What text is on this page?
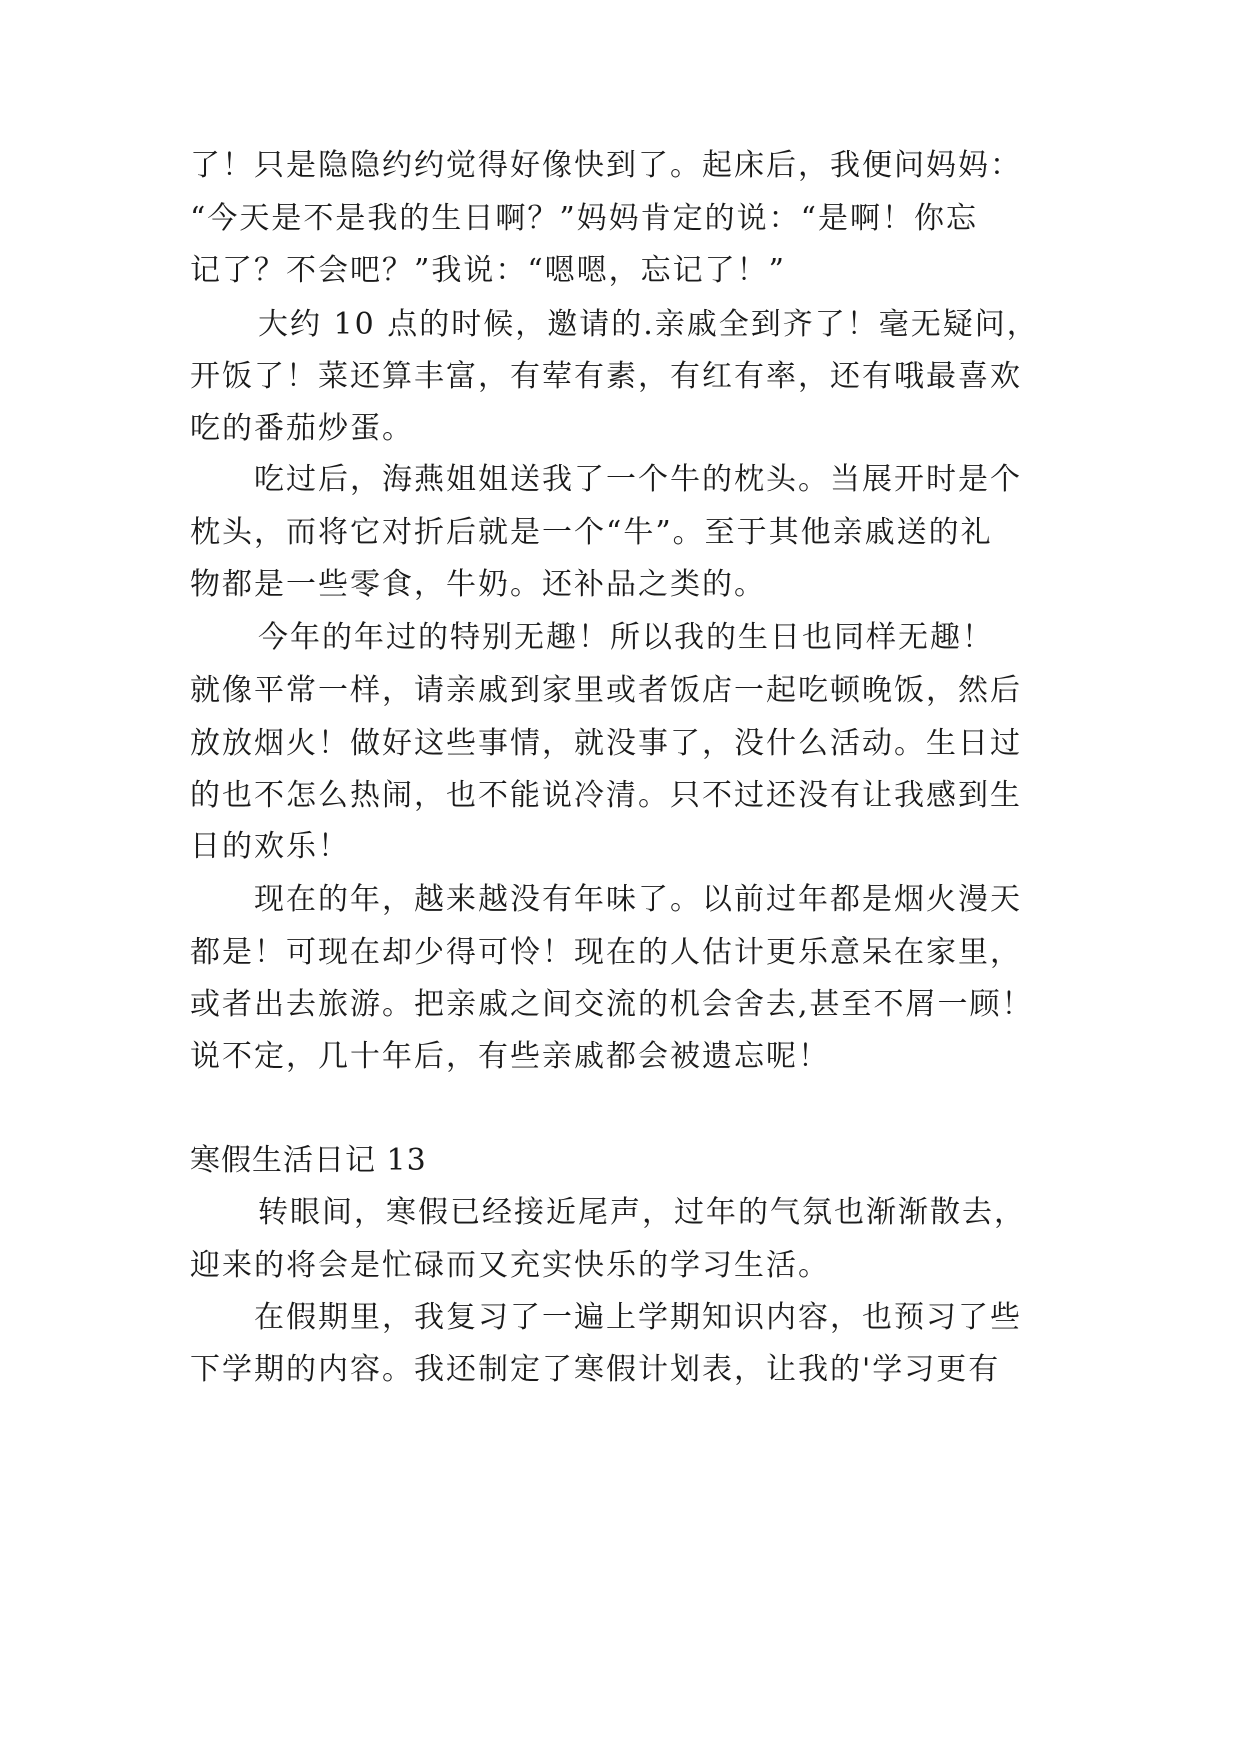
了！只是隐隐约约觉得好像快到了。起床后，我便问妈妈：
“今天是不是我的生日啊？”妈妈肯定的说：“是啊！你忘
记了？不会吧？”我说：“嗯嗯，忘记了！”
大约 10 点的时候，邀请的.亲戚全到齐了！毫无疑问，
开饭了！菜还算丰富，有荤有素，有红有率，还有哦最喜欢
吃的番茄炒蛋。
吃过后，海燕姐姐送我了一个牛的枕头。当展开时是个
枕头，而将它对折后就是一个“牛”。至于其他亲戚送的礼
物都是一些零食，牛奶。还补品之类的。
今年的年过的特别无趣！所以我的生日也同样无趣！
就像平常一样，请亲戚到家里或者饭店一起吃顿晚饭，然后
放放烟火！做好这些事情，就没事了，没什么活动。生日过
的也不怎么热闹，也不能说冷清。只不过还没有让我感到生
日的欢乐！
现在的年，越来越没有年味了。以前过年都是烟火漫天
都是！可现在却少得可怜！现在的人估计更乐意呆在家里，
或者出去旅游。把亲戚之间交流的机会舍去,甚至不屑一顾！
说不定，几十年后，有些亲戚都会被遗忘呢！
寒假生活日记 13
转眼间，寒假已经接近尾声，过年的气氛也渐渐散去，
迎来的将会是忙碌而又充实快乐的学习生活。
在假期里，我复习了一遍上学期知识内容，也预习了些
下学期的内容。我还制定了寒假计划表，让我的'学习更有
